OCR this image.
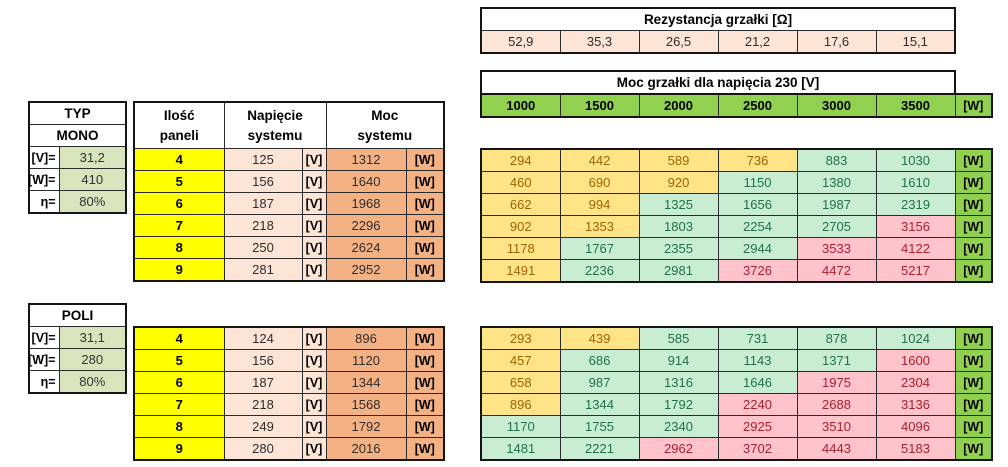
Rezystancja grzałki [Ω]
52,9	35,3	26,5	21,2	17,6	15,1
Moc grzałki dla napięcia 230 [V]
1000	1500	2000	2500	3000	3500	[W]
TYP	
MONO	

[V]=	31,2

[W]=	410

η=	80%
Ilość
paneli

Napięcie
systemu

Moc
systemu

4	125	[V]	1312	[W]
5	156	[V]	1640	[W]
6	187	[V]	1968	[W]
7	218	[V]	2296	[W]
8	250	[V]	2624	[W]
9	281	[V]	2952	[W]
294	442	589	736	883	1030	[W]
460	690	920	1150	1380	1610	[W]
662	994	1325	1656	1987	2319	[W]
902	1353	1803	2254	2705	3156	[W]
1178	1767	2355	2944	3533	4122	[W]
1491	2236	2981	3726	4472	5217	[W]
POLI	

[V]=	31,1

[W]=	280

η=	80%
4	124	[V]	896	[W]
5	156	[V]	1120	[W]
6	187	[V]	1344	[W]
7	218	[V]	1568	[W]
8	249	[V]	1792	[W]
9	280	[V]	2016	[W]
293	439	585	731	878	1024	[W]
457	686	914	1143	1371	1600	[W]
658	987	1316	1646	1975	2304	[W]
896	1344	1792	2240	2688	3136	[W]
1170	1755	2340	2925	3510	4096	[W]
1481	2221	2962	3702	4443	5183	[W]
